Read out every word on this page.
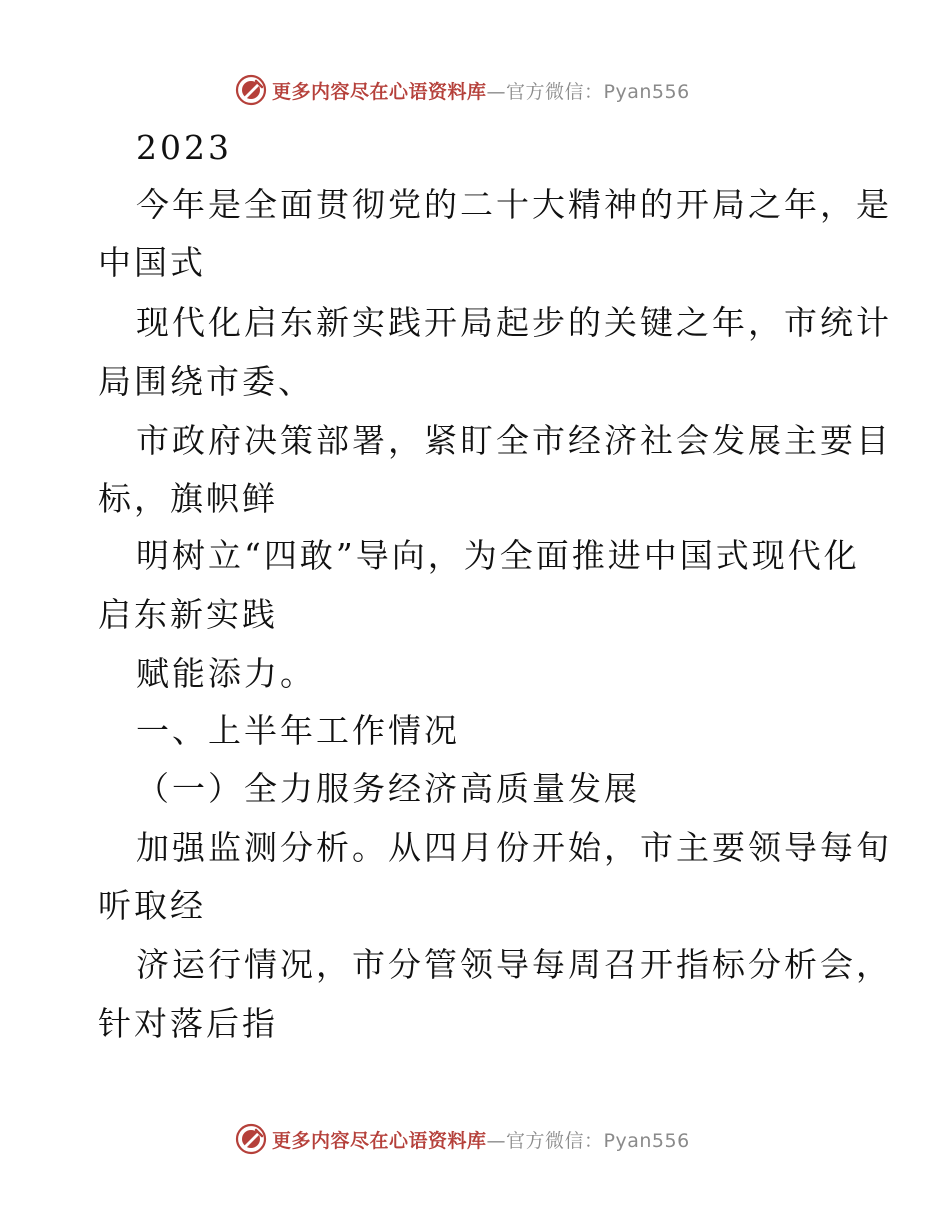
更多内容尽在心语资料库 —官方微信：Pyan556
2023
今年是全面贯彻党的二十大精神的开局之年，是
中国式
现代化启东新实践开局起步的关键之年，市统计
局围绕市委、
市政府决策部署，紧盯全市经济社会发展主要目
标，旗帜鲜
明树立“四敢”导向，为全面推进中国式现代化
启东新实践
赋能添力。
一、上半年工作情况
（一）全力服务经济高质量发展
加强监测分析。从四月份开始，市主要领导每旬
听取经
济运行情况，市分管领导每周召开指标分析会，
针对落后指
更多内容尽在心语资料库 —官方微信：Pyan556
